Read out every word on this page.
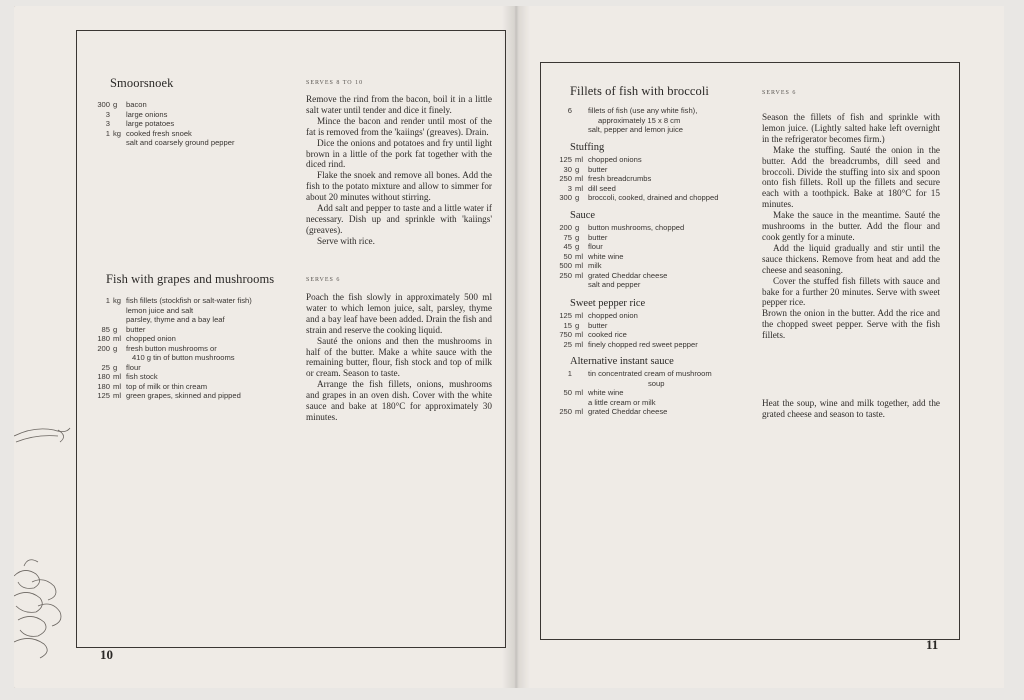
Smoorsnoek	SERVES 8 TO 10
300 g	bacon
3	large onions
3	large potatoes
1 kg cooked fresh snoek
salt and coarsely ground pepper

Remove the rind from the bacon, boil it in a little salt water until tender and dice it finely.

Mince the bacon and render until most of the fat is removed from the 'kaiings' (greaves). Drain.

Dice the onions and potatoes and fry until light brown in a little of the pork fat together with the diced rind.

Flake the snoek and remove all bones. Add the fish to the potato mixture and allow to simmer for about 20 minutes without stirring.

Add salt and pepper to taste and a little water if necessary. Dish up and sprinkle with 'kaiings' (greaves).

Serve with rice.

Fish with grapes and mushrooms	SERVES 6
1 kg fish fillets (stockfish or salt-water fish)
lemon juice and salt
parsley, thyme and a bay leaf
85 g	butter
180 ml chopped onion
200 g	fresh button mushrooms or
410 g tin of button mushrooms
25 g	flour
180 ml fish stock
180 ml top of milk or thin cream
125 ml green grapes, skinned and pipped

Poach the fish slowly in approximately 500 ml water to which lemon juice, salt, parsley, thyme and a bay leaf have been added. Drain the fish and strain and reserve the cooking liquid.

Sauté the onions and then the mushrooms in half of the butter. Make a white sauce with the remaining butter, flour, fish stock and top of milk or cream. Season to taste.

Arrange the fish fillets, onions, mushrooms and grapes in an oven dish. Cover with the white sauce and bake at 180°C for approximately 30 minutes.

10
Fillets of fish with broccoli	SERVES 6
6	fillets of fish (use any white fish),
approximately 15 x 8 cm
salt, pepper and lemon juice
Stuffing
125 ml chopped onions
30 g	butter
250 ml fresh breadcrumbs
3 ml dill seed
300 g	broccoli, cooked, drained and chopped
Sauce
200 g	button mushrooms, chopped
75 g	butter
45 g	flour
50 ml white wine
500 ml milk
250 ml grated Cheddar cheese
salt and pepper
Sweet pepper rice
125 ml chopped onion
15 g	butter
750 ml cooked rice
25 ml finely chopped red sweet pepper
Alternative instant sauce
1	tin concentrated cream of mushroom
soup
50 ml white wine
a little cream or milk
250 ml grated Cheddar cheese

Season the fillets of fish and sprinkle with lemon juice. (Lightly salted hake left overnight in the refrigerator becomes firm.)

Make the stuffing. Sauté the onion in the butter. Add the breadcrumbs, dill seed and broccoli. Divide the stuffing into six and spoon onto fish fillets. Roll up the fillets and secure each with a toothpick. Bake at 180°C for 15 minutes.

Make the sauce in the meantime. Sauté the mushrooms in the butter. Add the flour and cook gently for a minute.

Add the liquid gradually and stir until the sauce thickens. Remove from heat and add the cheese and seasoning.

Cover the stuffed fish fillets with sauce and bake for a further 20 minutes. Serve with sweet pepper rice.

Brown the onion in the butter. Add the rice and the chopped sweet pepper. Serve with the fish fillets.
Heat the soup, wine and milk together, add the grated cheese and season to taste.
11
